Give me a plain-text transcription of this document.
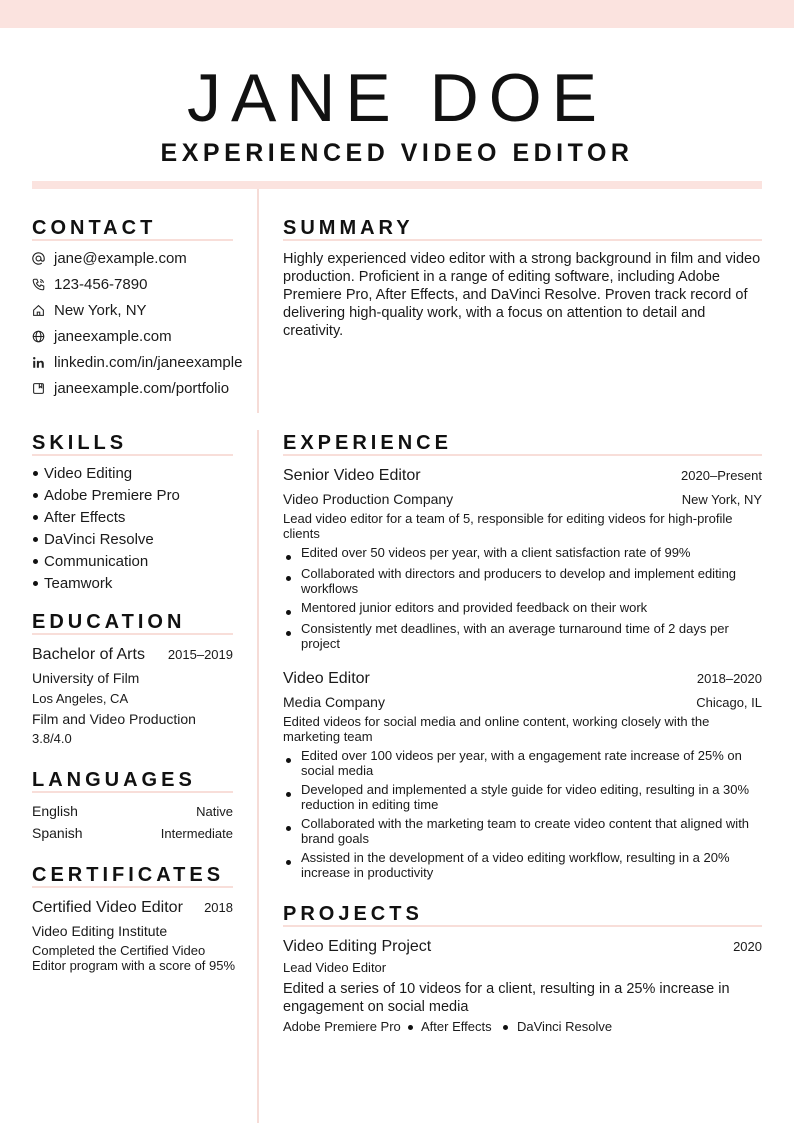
JANE DOE
EXPERIENCED VIDEO EDITOR
CONTACT
jane@example.com
123-456-7890
New York, NY
janeexample.com
linkedin.com/in/janeexample
janeexample.com/portfolio
SKILLS
Video Editing
Adobe Premiere Pro
After Effects
DaVinci Resolve
Communication
Teamwork
EDUCATION
Bachelor of Arts	2015–2019
University of Film
Los Angeles, CA
Film and Video Production
3.8/4.0
LANGUAGES
English	Native
Spanish	Intermediate
CERTIFICATES
Certified Video Editor	2018
Video Editing Institute
Completed the Certified Video Editor program with a score of 95%
SUMMARY
Highly experienced video editor with a strong background in film and video production. Proficient in a range of editing software, including Adobe Premiere Pro, After Effects, and DaVinci Resolve. Proven track record of delivering high-quality work, with a focus on attention to detail and creativity.
EXPERIENCE
Senior Video Editor	2020–Present
Video Production Company	New York, NY
Lead video editor for a team of 5, responsible for editing videos for high-profile clients
Edited over 50 videos per year, with a client satisfaction rate of 99%
Collaborated with directors and producers to develop and implement editing workflows
Mentored junior editors and provided feedback on their work
Consistently met deadlines, with an average turnaround time of 2 days per project
Video Editor	2018–2020
Media Company	Chicago, IL
Edited videos for social media and online content, working closely with the marketing team
Edited over 100 videos per year, with a engagement rate increase of 25% on social media
Developed and implemented a style guide for video editing, resulting in a 30% reduction in editing time
Collaborated with the marketing team to create video content that aligned with brand goals
Assisted in the development of a video editing workflow, resulting in a 20% increase in productivity
PROJECTS
Video Editing Project	2020
Lead Video Editor
Edited a series of 10 videos for a client, resulting in a 25% increase in engagement on social media
Adobe Premiere Pro After Effects DaVinci Resolve
